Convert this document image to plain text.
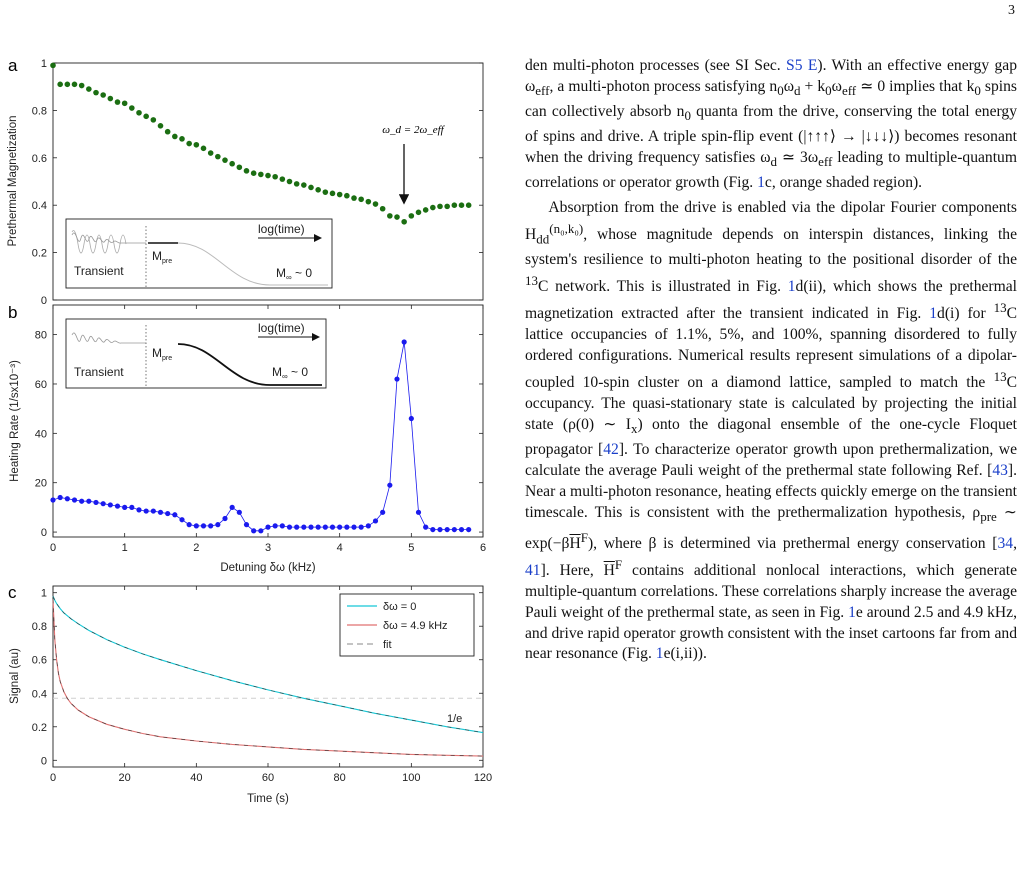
3
a
0
0.2
0.4
0.6
0.8
1
Prethermal Magnetization	ω_d = 2ω_eff
log(time)
Transient
$M_{pre}$
$M_\infty$ ~ 0
b
0
20
40
60
80
0	1	2	3	4	5	6
Heating Rate (1/sx10⁻³)
Detuning δω (kHz)
log(time)
Transient
$M_{pre}$
$M_\infty$ ~ 0
c
0
0.2
0.4
0.6
0.8
1
0	20	40	60	80	100	120
Signal (au)
Time (s)
1/e
δω = 0
δω = 4.9 kHz
fit

den multi-photon processes (see SI Sec. S5 E). With an effective energy gap $\omega_{eff}$, a multi-photon process satisfying $n_0\omega_d + k_0\omega_{eff}$ ≃ 0 implies that $k_0$ spins can collectively absorb $n_0$ quanta from the drive, conserving the total energy of spins and drive. A triple spin-flip event (|↑↑↑⟩ → |↓↓↓⟩) becomes resonant when the driving frequency satisfies $\omega_d$ ≃ $3\omega_{eff}$ leading to multiple-quantum correlations or operator growth (Fig. 1c, orange shaded region).

Absorption from the drive is enabled via the dipolar Fourier components $H_{dd}^{(n_0,k_0)}$, whose magnitude depends on interspin distances, linking the system's resilience to multi-photon heating to the positional disorder of the $^{13}$C network. This is illustrated in Fig. 1d(ii), which shows the prethermal magnetization extracted after the transient indicated in Fig. 1d(i) for $^{13}$C lattice occupancies of 1.1%, 5%, and 100%, spanning disordered to fully ordered configurations. Numerical results represent simulations of a dipolar-coupled 10-spin cluster on a diamond lattice, sampled to match the $^{13}$C occupancy. The quasi-stationary state is calculated by projecting the initial state (ρ(0) ∼ $I_x$) onto the diagonal ensemble of the one-cycle Floquet propagator [42]. To characterize operator growth upon prethermalization, we calculate the average Pauli weight of the prethermal state following Ref. [43]. Near a multi-photon resonance, heating effects quickly emerge on the transient timescale. This is consistent with the prethermalization hypothesis, $\rho_{pre}$ ∼ $\exp(-\beta\overline{H}^F)$, where β is determined via prethermal energy conservation [34, 41]. Here, $\overline{H}^F$ contains additional nonlocal interactions, which generate multiple-quantum correlations. These correlations sharply increase the average Pauli weight of the prethermal state, as seen in Fig. 1e around 2.5 and 4.9 kHz, and drive rapid operator growth consistent with the inset cartoons far from and near resonance (Fig. 1e(i,ii)).
